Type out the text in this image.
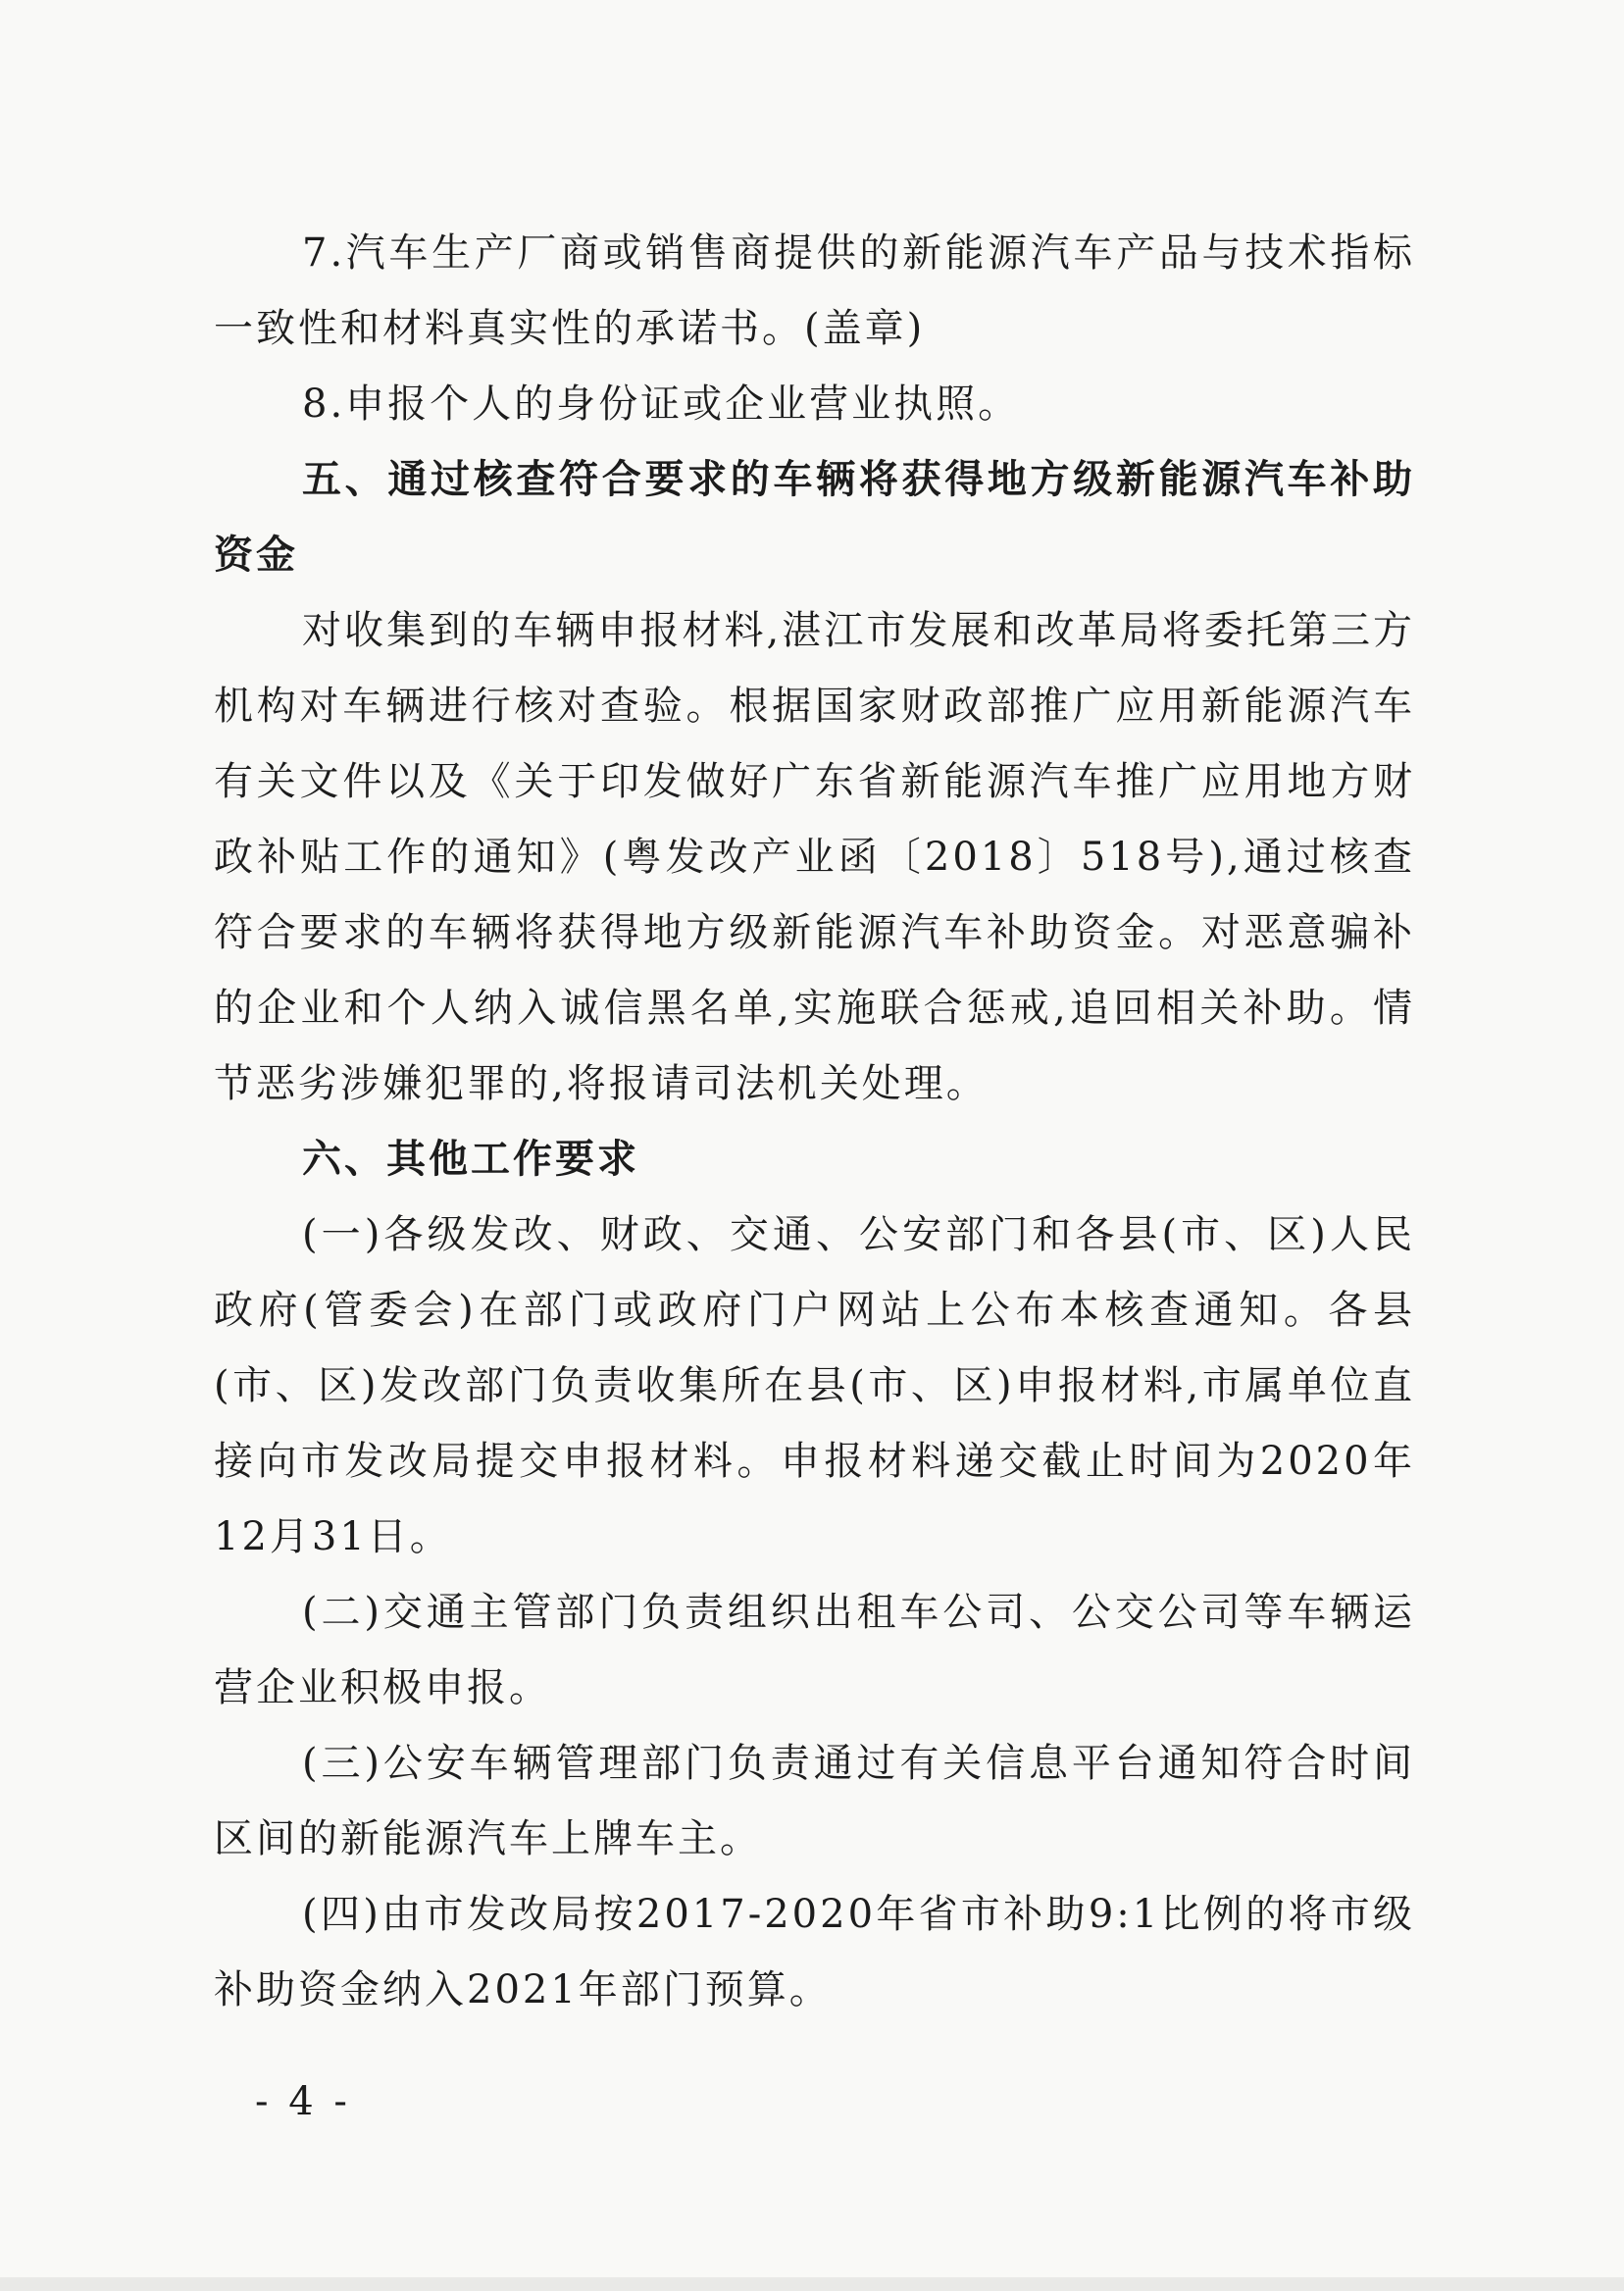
7.汽车生产厂商或销售商提供的新能源汽车产品与技术指标一致性和材料真实性的承诺书。(盖章)

8.申报个人的身份证或企业营业执照。

五、通过核查符合要求的车辆将获得地方级新能源汽车补助资金

对收集到的车辆申报材料,湛江市发展和改革局将委托第三方机构对车辆进行核对查验。根据国家财政部推广应用新能源汽车有关文件以及《关于印发做好广东省新能源汽车推广应用地方财政补贴工作的通知》(粤发改产业函〔2018〕518号),通过核查符合要求的车辆将获得地方级新能源汽车补助资金。对恶意骗补的企业和个人纳入诚信黑名单,实施联合惩戒,追回相关补助。情节恶劣涉嫌犯罪的,将报请司法机关处理。

六、其他工作要求

(一)各级发改、财政、交通、公安部门和各县(市、区)人民政府(管委会)在部门或政府门户网站上公布本核查通知。各县(市、区)发改部门负责收集所在县(市、区)申报材料,市属单位直接向市发改局提交申报材料。申报材料递交截止时间为2020年12月31日。

(二)交通主管部门负责组织出租车公司、公交公司等车辆运营企业积极申报。

(三)公安车辆管理部门负责通过有关信息平台通知符合时间区间的新能源汽车上牌车主。

(四)由市发改局按2017-2020年省市补助9:1比例的将市级补助资金纳入2021年部门预算。

- 4 -
